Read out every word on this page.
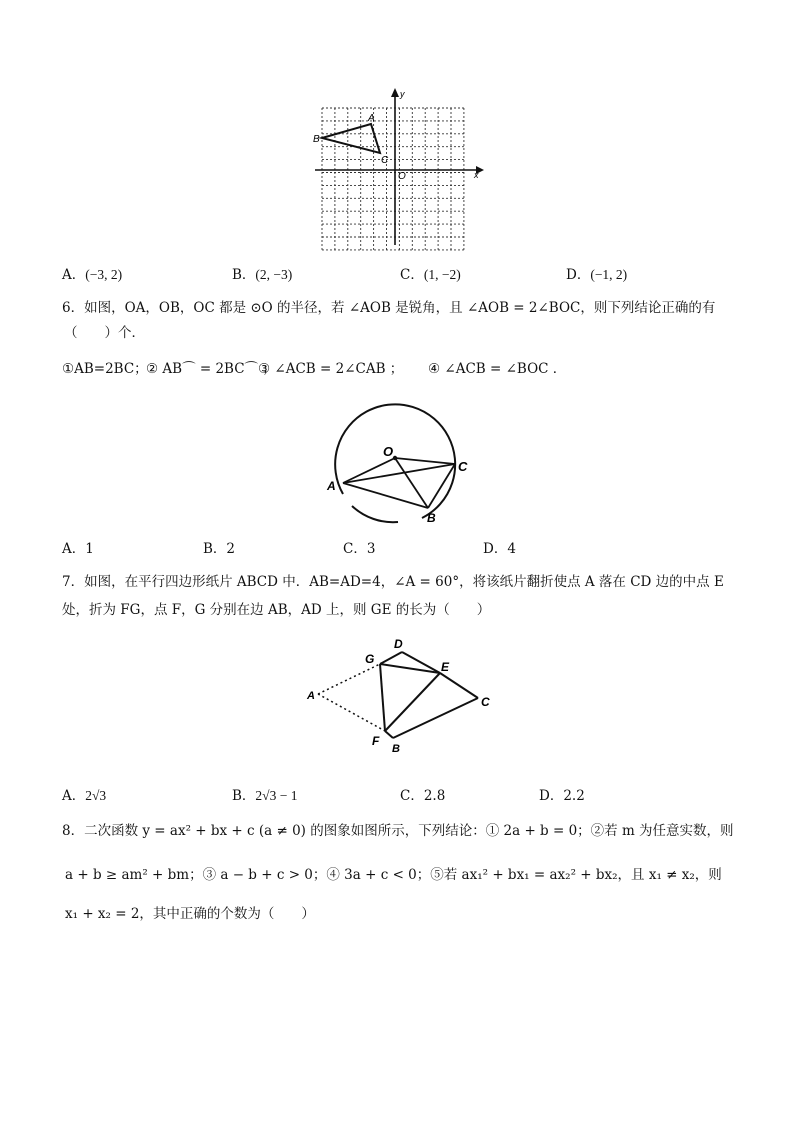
A
B
C
O	x
y
A．(−3, 2)	B．(2, −3)	C．(1, −2)	D．(−1, 2)
6．如图，OA，OB，OC 都是 ⊙O 的半径，若 ∠AOB 是锐角，且 ∠AOB = 2∠BOC，则下列结论正确的有
（　　）个．
①AB=2BC；
② AB⌒ = 2BC⌒ ；
③ ∠ACB = 2∠CAB ； ④ ∠ACB = ∠BOC ．
O
A
C
B
A．1	B．2	C．3	D．4
7．如图，在平行四边形纸片 ABCD 中．AB=AD=4，∠A = 60°，将该纸片翻折使点 A 落在 CD 边的中点 E
处，折为 FG，点 F，G 分别在边 AB，AD 上，则 GE 的长为（　　）
A
G
D
E
C
F
B
A．2√3	B．2√3 − 1	C．2.8	D．2.2
8．二次函数 y = ax² + bx + c (a ≠ 0) 的图象如图所示，下列结论：① 2a + b = 0；②若 m 为任意实数，则
a + b ≥ am² + bm；③ a − b + c > 0；④ 3a + c < 0；⑤若 ax₁² + bx₁ = ax₂² + bx₂，且 x₁ ≠ x₂，则
x₁ + x₂ = 2，其中正确的个数为（　　）
